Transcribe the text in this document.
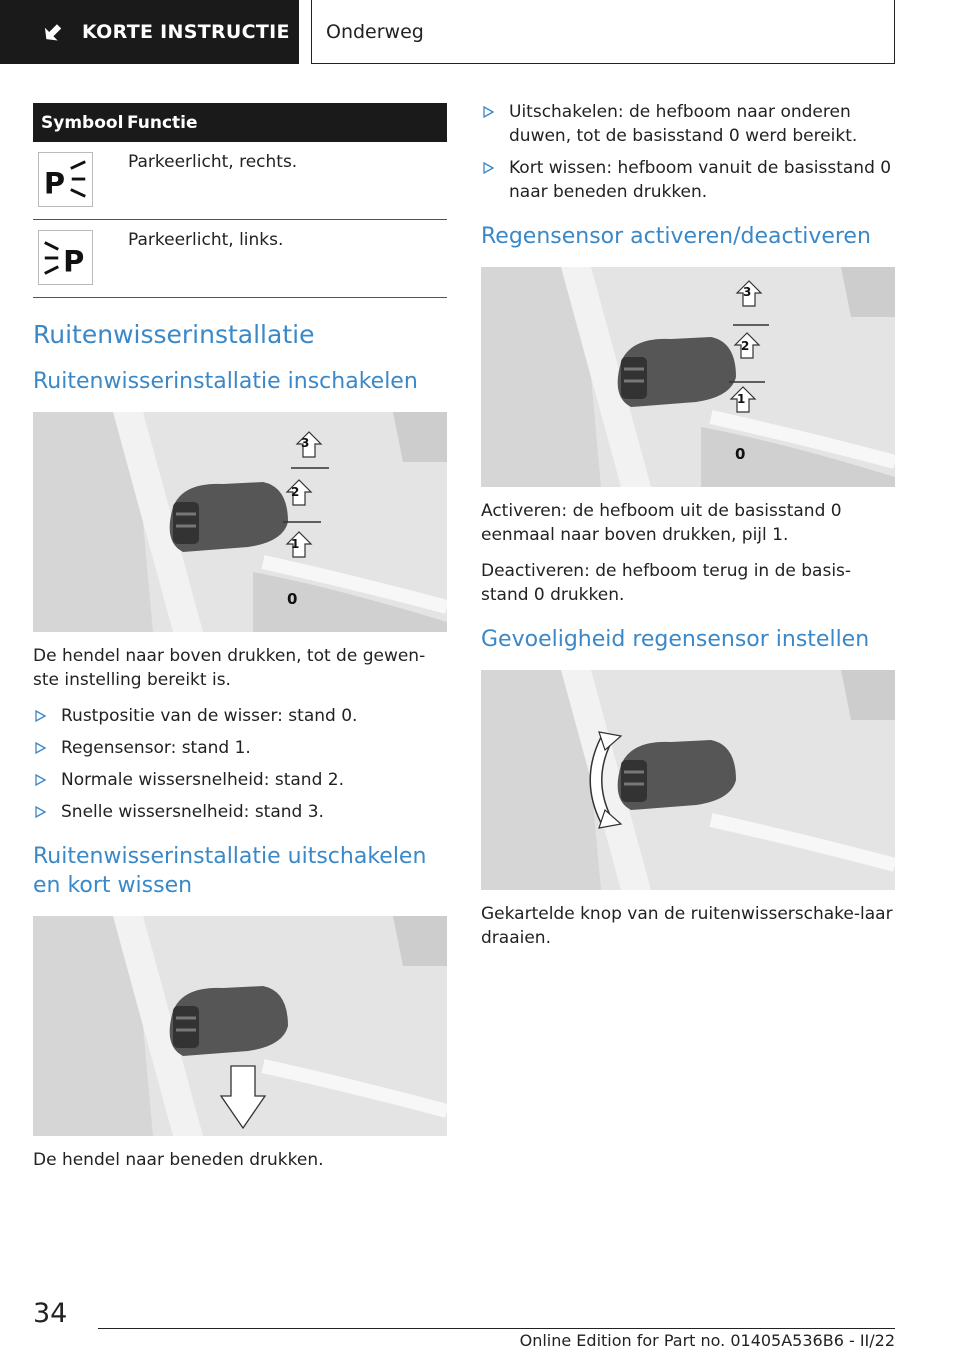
KORTE INSTRUCTIE Onderweg
Symbool	Functie

P	Parkeerlicht, rechts.

P	Parkeerlicht, links.
Ruitenwisserinstallatie
Ruitenwisserinstallatie inschakelen
3
2
1
0

De hendel naar boven drukken, tot de gewen-ste instelling bereikt is.

Rustpositie van de wisser: stand 0.
Regensensor: stand 1.
Normale wissersnelheid: stand 2.
Snelle wissersnelheid: stand 3.
Ruitenwisserinstallatie uitschakelen en kort wissen

De hendel naar beneden drukken.

Uitschakelen: de hefboom naar onderen duwen, tot de basisstand 0 werd bereikt.
Kort wissen: hefboom vanuit de basisstand 0 naar beneden drukken.
Regensensor activeren/deactiveren
3
2
1
0

Activeren: de hefboom uit de basisstand 0 eenmaal naar boven drukken, pijl 1.

Deactiveren: de hefboom terug in de basis-stand 0 drukken.

Gevoeligheid regensensor instellen

Gekartelde knop van de ruitenwisserschake-laar draaien.

34
Online Edition for Part no. 01405A536B6 - II/22
